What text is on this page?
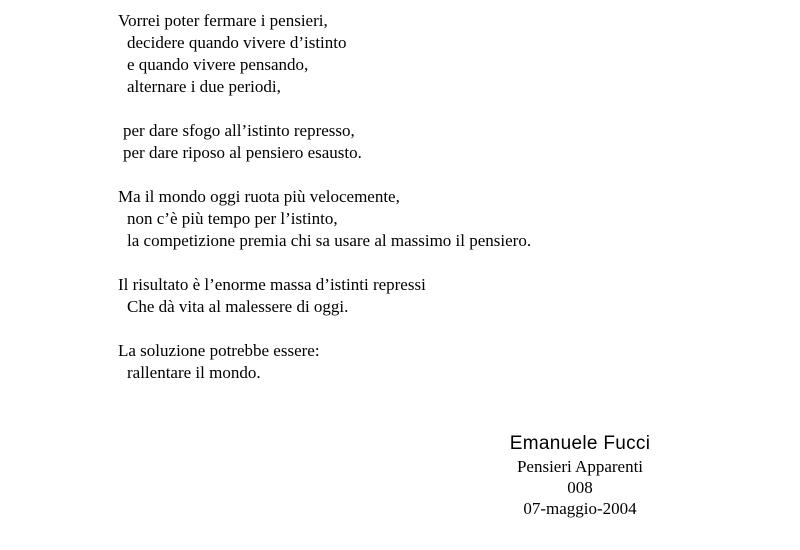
Vorrei poter fermare i pensieri,
decidere quando vivere d’istinto
e quando vivere pensando,
alternare i due periodi,
per dare sfogo all’istinto represso,
per dare riposo al pensiero esausto.
Ma il mondo oggi ruota più velocemente,
non c’è più tempo per l’istinto,
la competizione premia chi sa usare al massimo il pensiero.
Il risultato è l’enorme massa d’istinti repressi
Che dà vita al malessere di oggi.
La soluzione potrebbe essere:
rallentare il mondo.
Emanuele Fucci
Pensieri Apparenti
008
07-maggio-2004
